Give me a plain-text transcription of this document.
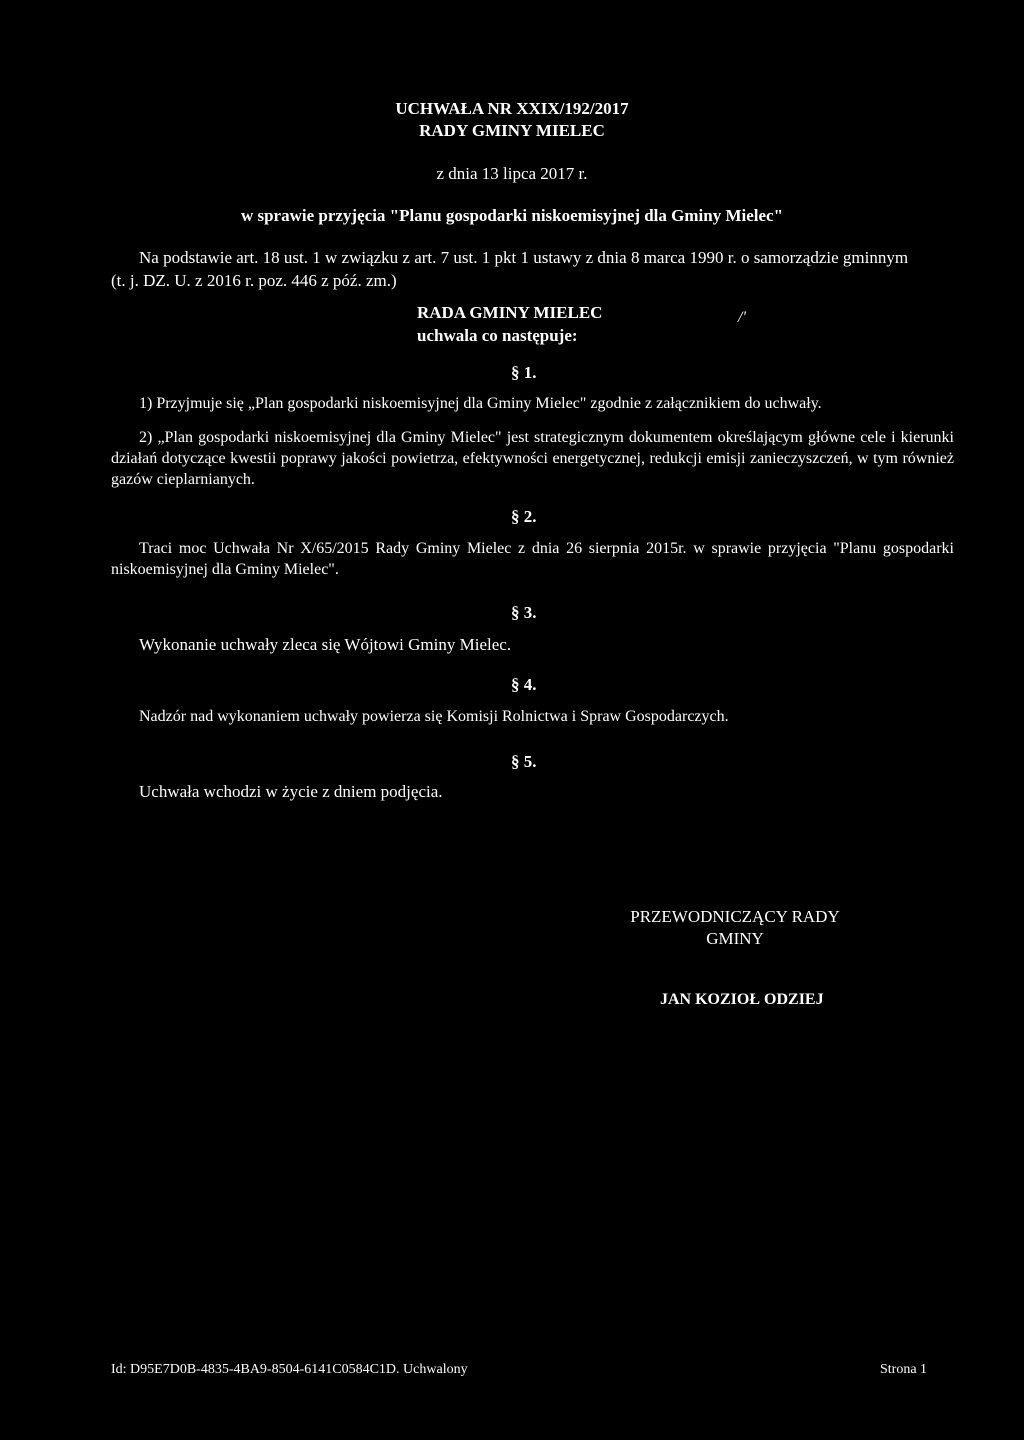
UCHWAŁA NR XXIX/192/2017
RADY GMINY MIELEC
z dnia 13 lipca 2017 r.
w sprawie przyjęcia "Planu gospodarki niskoemisyjnej dla Gminy Mielec"
Na podstawie art. 18 ust. 1 w związku z art. 7 ust. 1 pkt 1 ustawy z dnia 8 marca 1990 r. o samorządzie gminnym
(t. j. DZ. U. z 2016 r. poz. 446 z póź. zm.)
RADA GMINY MIELEC
uchwala co następuje:
/'
§ 1.
1) Przyjmuje się „Plan gospodarki niskoemisyjnej dla Gminy Mielec" zgodnie z załącznikiem do uchwały.
2) „Plan gospodarki niskoemisyjnej dla Gminy Mielec" jest strategicznym dokumentem określającym główne cele i kierunki działań dotyczące kwestii poprawy jakości powietrza, efektywności energetycznej, redukcji emisji zanieczyszczeń, w tym również gazów cieplarnianych.
§ 2.
Traci moc Uchwała Nr X/65/2015 Rady Gminy Mielec z dnia 26 sierpnia 2015r. w sprawie przyjęcia "Planu gospodarki niskoemisyjnej dla Gminy Mielec".
§ 3.
Wykonanie uchwały zleca się Wójtowi Gminy Mielec.
§ 4.
Nadzór nad wykonaniem uchwały powierza się Komisji Rolnictwa i Spraw Gospodarczych.
§ 5.
Uchwała wchodzi w życie z dniem podjęcia.
PRZEWODNICZĄCY RADY
GMINY
JAN KOZIOŁ ODZIEJ
Id: D95E7D0B-4835-4BA9-8504-6141C0584C1D. Uchwalony	Strona 1
